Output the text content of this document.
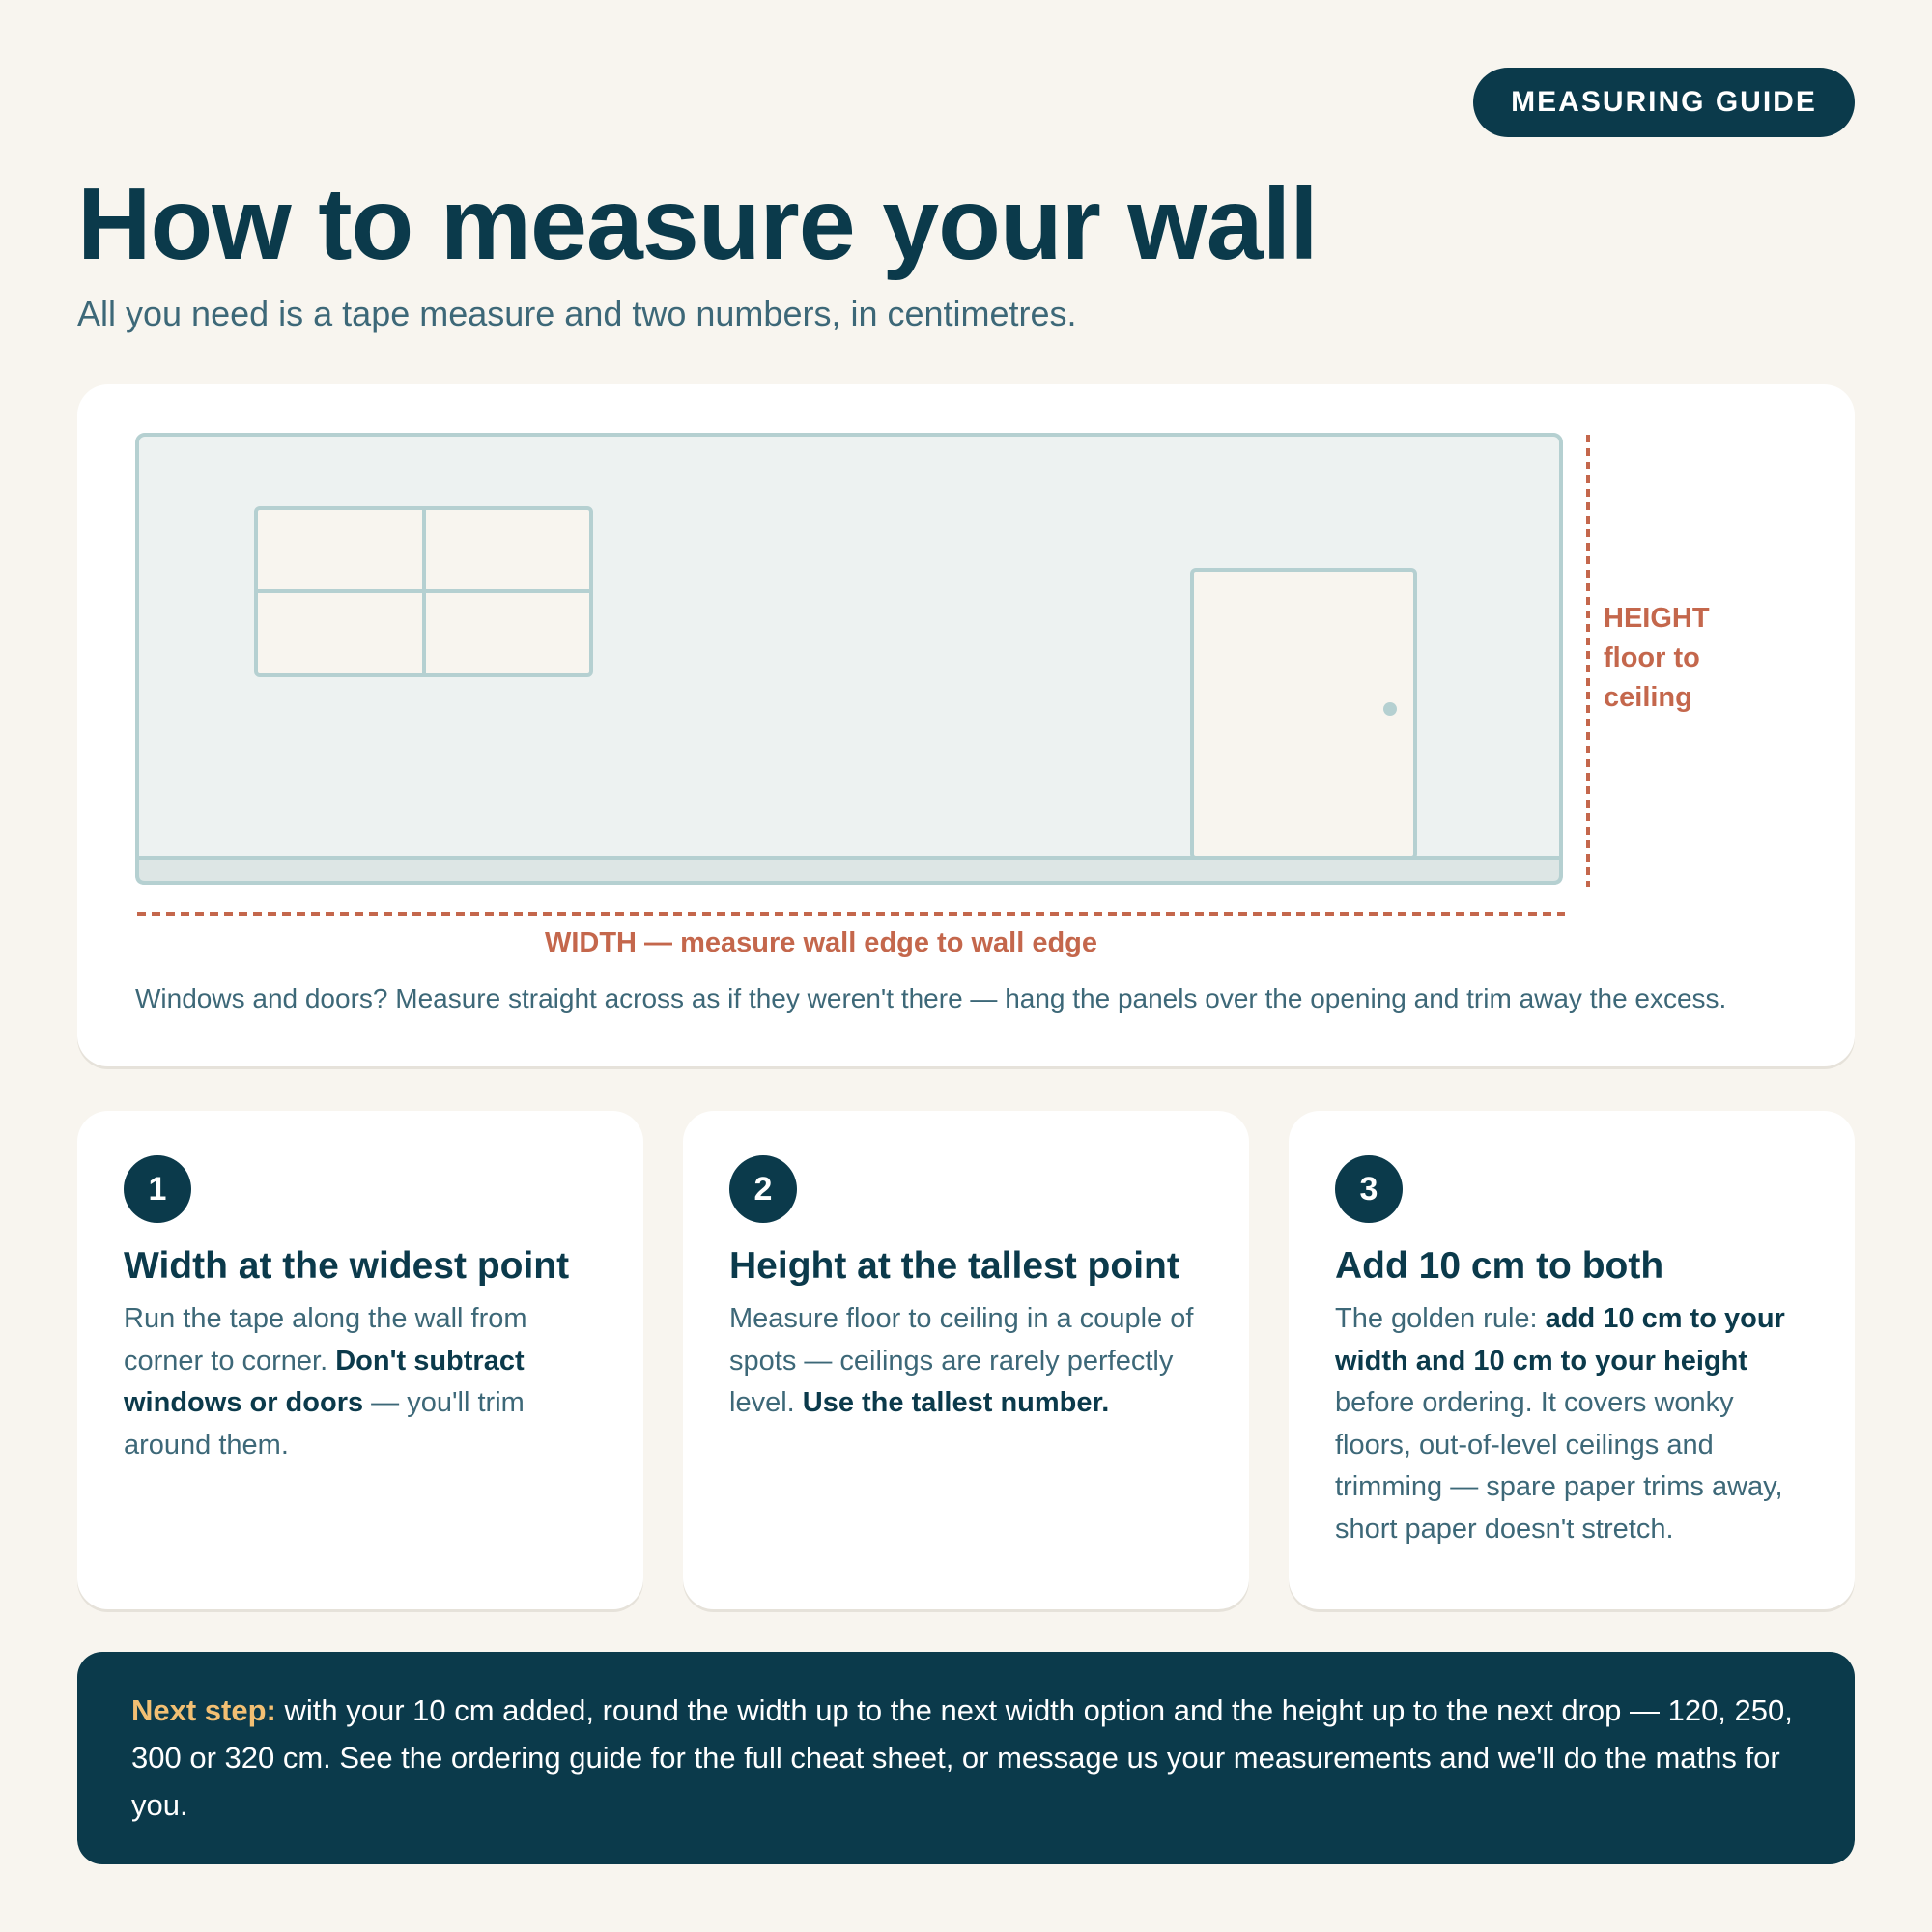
MEASURING GUIDE
How to measure your wall

All you need is a tape measure and two numbers, in centimetres.

HEIGHT
floor to
ceiling
WIDTH — measure wall edge to wall edge

Windows and doors? Measure straight across as if they weren't there — hang the panels over the opening and trim away the excess.

1
Width at the widest point

Run the tape along the wall from corner to corner. Don't subtract windows or doors — you'll trim around them.

2
Height at the tallest point

Measure floor to ceiling in a couple of spots — ceilings are rarely perfectly level. Use the tallest number.

3
Add 10 cm to both

The golden rule: add 10 cm to your width and 10 cm to your height before ordering. It covers wonky floors, out-of-level ceilings and trimming — spare paper trims away, short paper doesn't stretch.

Next step: with your 10 cm added, round the width up to the next width option and the height up to the next drop — 120, 250, 300 or 320 cm. See the ordering guide for the full cheat sheet, or message us your measurements and we'll do the maths for you.
